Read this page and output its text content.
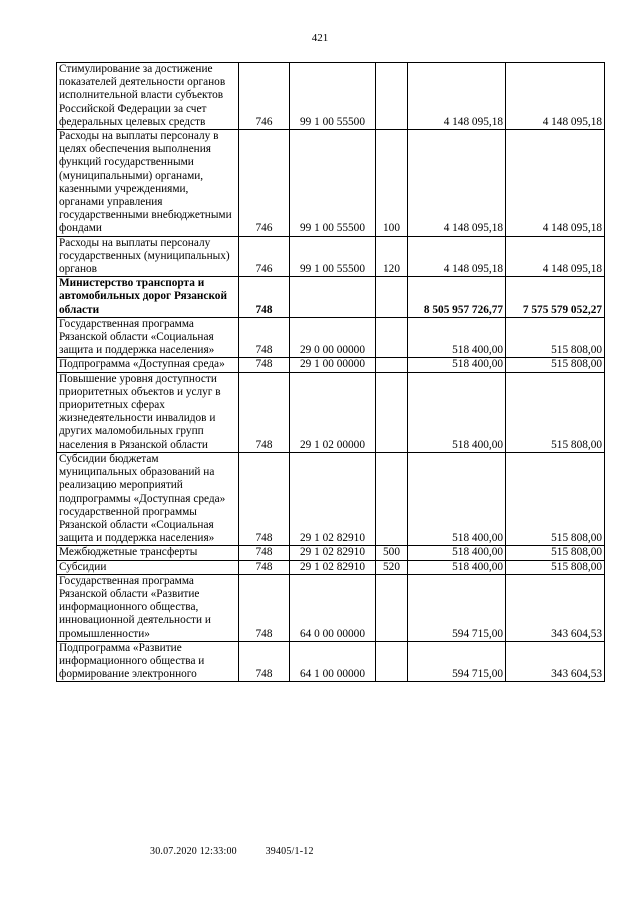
421
Стимулирование за достижение показателей деятельности органов исполнительной власти субъектов Российской Федерации за счет федеральных целевых средств	746	99 1 00 55500		4 148 095,18	4 148 095,18
Расходы на выплаты персоналу в целях обеспечения выполнения функций государственными (муниципальными) органами, казенными учреждениями, органами управления государственными внебюджетными фондами	746	99 1 00 55500	100	4 148 095,18	4 148 095,18
Расходы на выплаты персоналу государственных (муниципальных) органов	746	99 1 00 55500	120	4 148 095,18	4 148 095,18
Министерство транспорта и автомобильных дорог Рязанской области	748			8 505 957 726,77	7 575 579 052,27
Государственная программа Рязанской области «Социальная защита и поддержка населения»	748	29 0 00 00000		518 400,00	515 808,00
Подпрограмма «Доступная среда»	748	29 1 00 00000		518 400,00	515 808,00
Повышение уровня доступности приоритетных объектов и услуг в приоритетных сферах жизнедеятельности инвалидов и других маломобильных групп населения в Рязанской области	748	29 1 02 00000		518 400,00	515 808,00
Субсидии бюджетам муниципальных образований на реализацию мероприятий подпрограммы «Доступная среда» государственной программы Рязанской области «Социальная защита и поддержка населения»	748	29 1 02 82910		518 400,00	515 808,00
Межбюджетные трансферты	748	29 1 02 82910	500	518 400,00	515 808,00
Субсидии	748	29 1 02 82910	520	518 400,00	515 808,00
Государственная программа Рязанской области «Развитие информационного общества, инновационной деятельности и промышленности»	748	64 0 00 00000		594 715,00	343 604,53
Подпрограмма «Развитие информационного общества и формирование электронного	748	64 1 00 00000		594 715,00	343 604,53
30.07.2020 12:33:00	39405/1-12
